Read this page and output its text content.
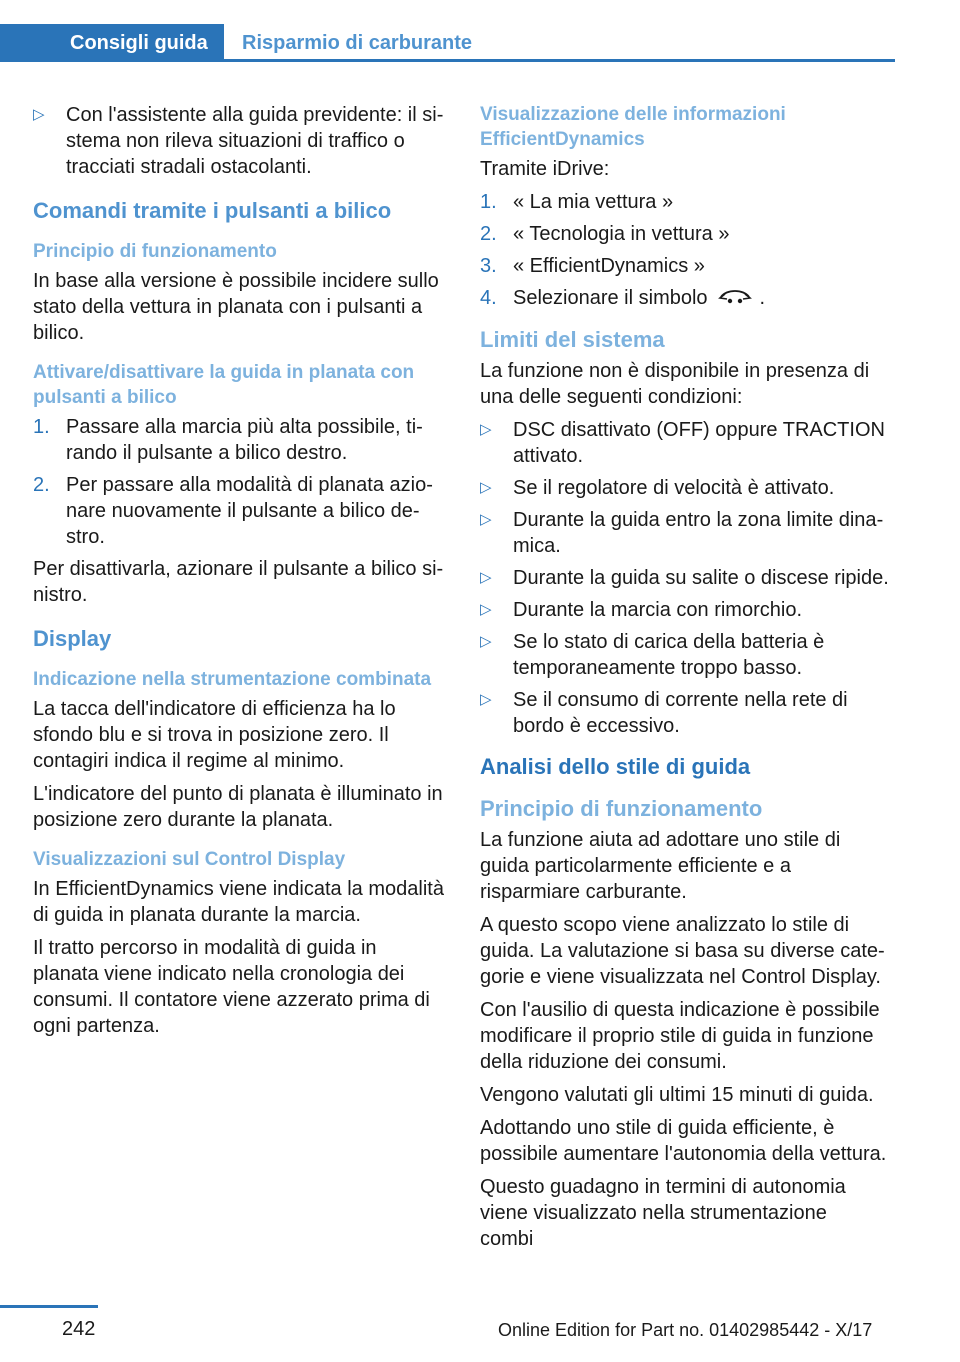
Consigli guida	Risparmio di carburante
▷ Con l'assistente alla guida previdente: il sistema non rileva situazioni di traffico o tracciati stradali ostacolanti.
Comandi tramite i pulsanti a bilico
Principio di funzionamento

In base alla versione è possibile incidere sullo stato della vettura in planata con i pulsanti a bilico.

Attivare/disattivare la guida in planata con pulsanti a bilico
1. Passare alla marcia più alta possibile, tirando il pulsante a bilico destro.
2. Per passare alla modalità di planata azionare nuovamente il pulsante a bilico destro.

Per disattivarla, azionare il pulsante a bilico sinistro.

Display
Indicazione nella strumentazione combinata

La tacca dell'indicatore di efficienza ha lo sfondo blu e si trova in posizione zero. Il contagiri indica il regime al minimo.

L'indicatore del punto di planata è illuminato in posizione zero durante la planata.

Visualizzazioni sul Control Display

In EfficientDynamics viene indicata la modalità di guida in planata durante la marcia.

Il tratto percorso in modalità di guida in planata viene indicato nella cronologia dei consumi. Il contatore viene azzerato prima di ogni partenza.

Visualizzazione delle informazioni EfficientDynamics

Tramite iDrive:

1. « La mia vettura »
2. « Tecnologia in vettura »
3. « EfficientDynamics »
4. Selezionare il simbolo	.
Limiti del sistema

La funzione non è disponibile in presenza di una delle seguenti condizioni:

▷ DSC disattivato (OFF) oppure TRACTION attivato.
▷ Se il regolatore di velocità è attivato.
▷ Durante la guida entro la zona limite dinamica.
▷ Durante la guida su salite o discese ripide.
▷ Durante la marcia con rimorchio.
▷ Se lo stato di carica della batteria è temporaneamente troppo basso.
▷ Se il consumo di corrente nella rete di bordo è eccessivo.
Analisi dello stile di guida
Principio di funzionamento

La funzione aiuta ad adottare uno stile di guida particolarmente efficiente e a risparmiare carburante.

A questo scopo viene analizzato lo stile di guida. La valutazione si basa su diverse categorie e viene visualizzata nel Control Display.

Con l'ausilio di questa indicazione è possibile modificare il proprio stile di guida in funzione della riduzione dei consumi.

Vengono valutati gli ultimi 15 minuti di guida.

Adottando uno stile di guida efficiente, è possibile aumentare l'autonomia della vettura.

Questo guadagno in termini di autonomia viene visualizzato nella strumentazione combi

242	Online Edition for Part no. 01402985442 - X/17
